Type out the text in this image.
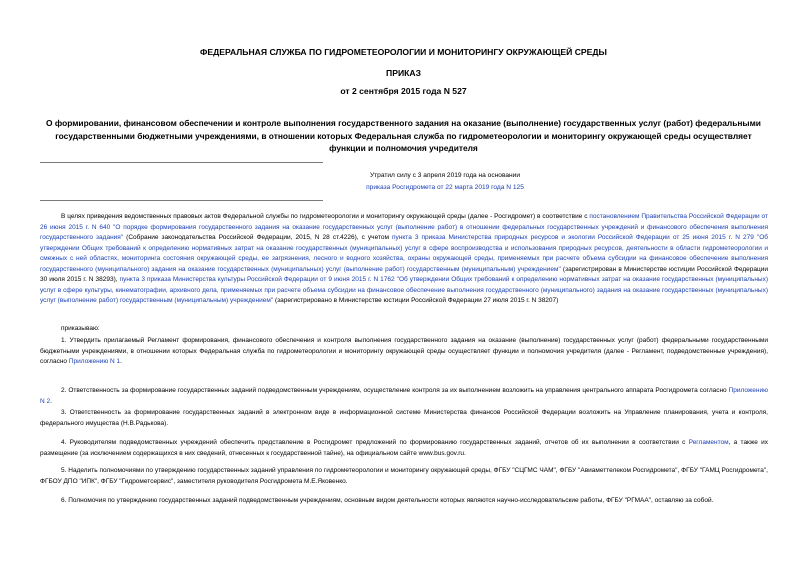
ФЕДЕРАЛЬНАЯ СЛУЖБА ПО ГИДРОМЕТЕОРОЛОГИИ И МОНИТОРИНГУ ОКРУЖАЮЩЕЙ СРЕДЫ
ПРИКАЗ
от 2 сентября 2015 года N 527
О формировании, финансовом обеспечении и контроле выполнения государственного задания на оказание (выполнение) государственных услуг (работ) федеральными государственными бюджетными учреждениями, в отношении которых Федеральная служба по гидрометеорологии и мониторингу окружающей среды осуществляет функции и полномочия учредителя
Утратил силу с 3 апреля 2019 года на основании
приказа Росгидромета от 22 марта 2019 года N 125

В целях приведения ведомственных правовых актов Федеральной службы по гидрометеорологии и мониторингу окружающей среды (далее - Росгидромет) в соответствие с постановлением Правительства Российской Федерации от 26 июня 2015 г. N 640 "О порядке формирования государственного задания на оказание государственных услуг (выполнение работ) в отношении федеральных государственных учреждений и финансового обеспечения выполнения государственного задания" (Собрание законодательства Российской Федерации, 2015, N 28 ст.4226), с учетом пункта 3 приказа Министерства природных ресурсов и экологии Российской Федерации от 25 июня 2015 г. N 279 "Об утверждении Общих требований к определению нормативных затрат на оказание государственных (муниципальных) услуг в сфере воспроизводства и использования природных ресурсов, деятельности в области гидрометеорологии и смежных с ней областях, мониторинга состояния окружающей среды, ее загрязнения, лесного и водного хозяйства, охраны окружающей среды, применяемых при расчете объема субсидии на финансовое обеспечение выполнения государственного (муниципального) задания на оказание государственных (муниципальных) услуг (выполнение работ) государственным (муниципальным) учреждением" (зарегистрирован в Министерстве юстиции Российской Федерации 30 июля 2015 г. N 38293), пункта 3 приказа Министерства культуры Российской Федерации от 9 июня 2015 г. N 1762 "Об утверждении Общих требований к определению нормативных затрат на оказание государственных (муниципальных) услуг в сфере культуры, кинематографии, архивного дела, применяемых при расчете объема субсидии на финансовое обеспечение выполнения государственного (муниципального) задания на оказание государственных (муниципальных) услуг (выполнение работ) государственным (муниципальным) учреждением" (зарегистрировано в Министерстве юстиции Российской Федерации 27 июля 2015 г. N 38207)

приказываю:

1. Утвердить прилагаемый Регламент формирования, финансового обеспечения и контроля выполнения государственного задания на оказание (выполнение) государственных услуг (работ) федеральными государственными бюджетными учреждениями, в отношении которых Федеральная служба по гидрометеорологии и мониторингу окружающей среды осуществляет функции и полномочия учредителя (далее - Регламент, подведомственные учреждения), согласно Приложению N 1.

2. Ответственность за формирование государственных заданий подведомственным учреждениям, осуществление контроля за их выполнением возложить на управления центрального аппарата Росгидромета согласно Приложению N 2.

3. Ответственность за формирование государственных заданий в электронном виде в информационной системе Министерства финансов Российской Федерации возложить на Управление планирования, учета и контроля, федерального имущества (Н.В.Радькова).

4. Руководителям подведомственных учреждений обеспечить представление в Росгидромет предложений по формированию государственных заданий, отчетов об их выполнении в соответствии с Регламентом, а также их размещение (за исключением содержащихся в них сведений, отнесенных к государственной тайне), на официальном сайте www.bus.gov.ru.

5. Наделить полномочиями по утверждению государственных заданий управления по гидрометеорологии и мониторингу окружающей среды, ФГБУ "СЦГМС ЧАМ", ФГБУ "Авиаметтелеком Росгидромета", ФГБУ "ГАМЦ Росгидромета", ФГБОУ ДПО "ИПК", ФГБУ "Гидрометсервис", заместителя руководителя Росгидромета М.Е.Яковенко.

6. Полномочия по утверждению государственных заданий подведомственным учреждениям, основным видом деятельности которых являются научно-исследовательские работы, ФГБУ "РГМАА", оставляю за собой.
